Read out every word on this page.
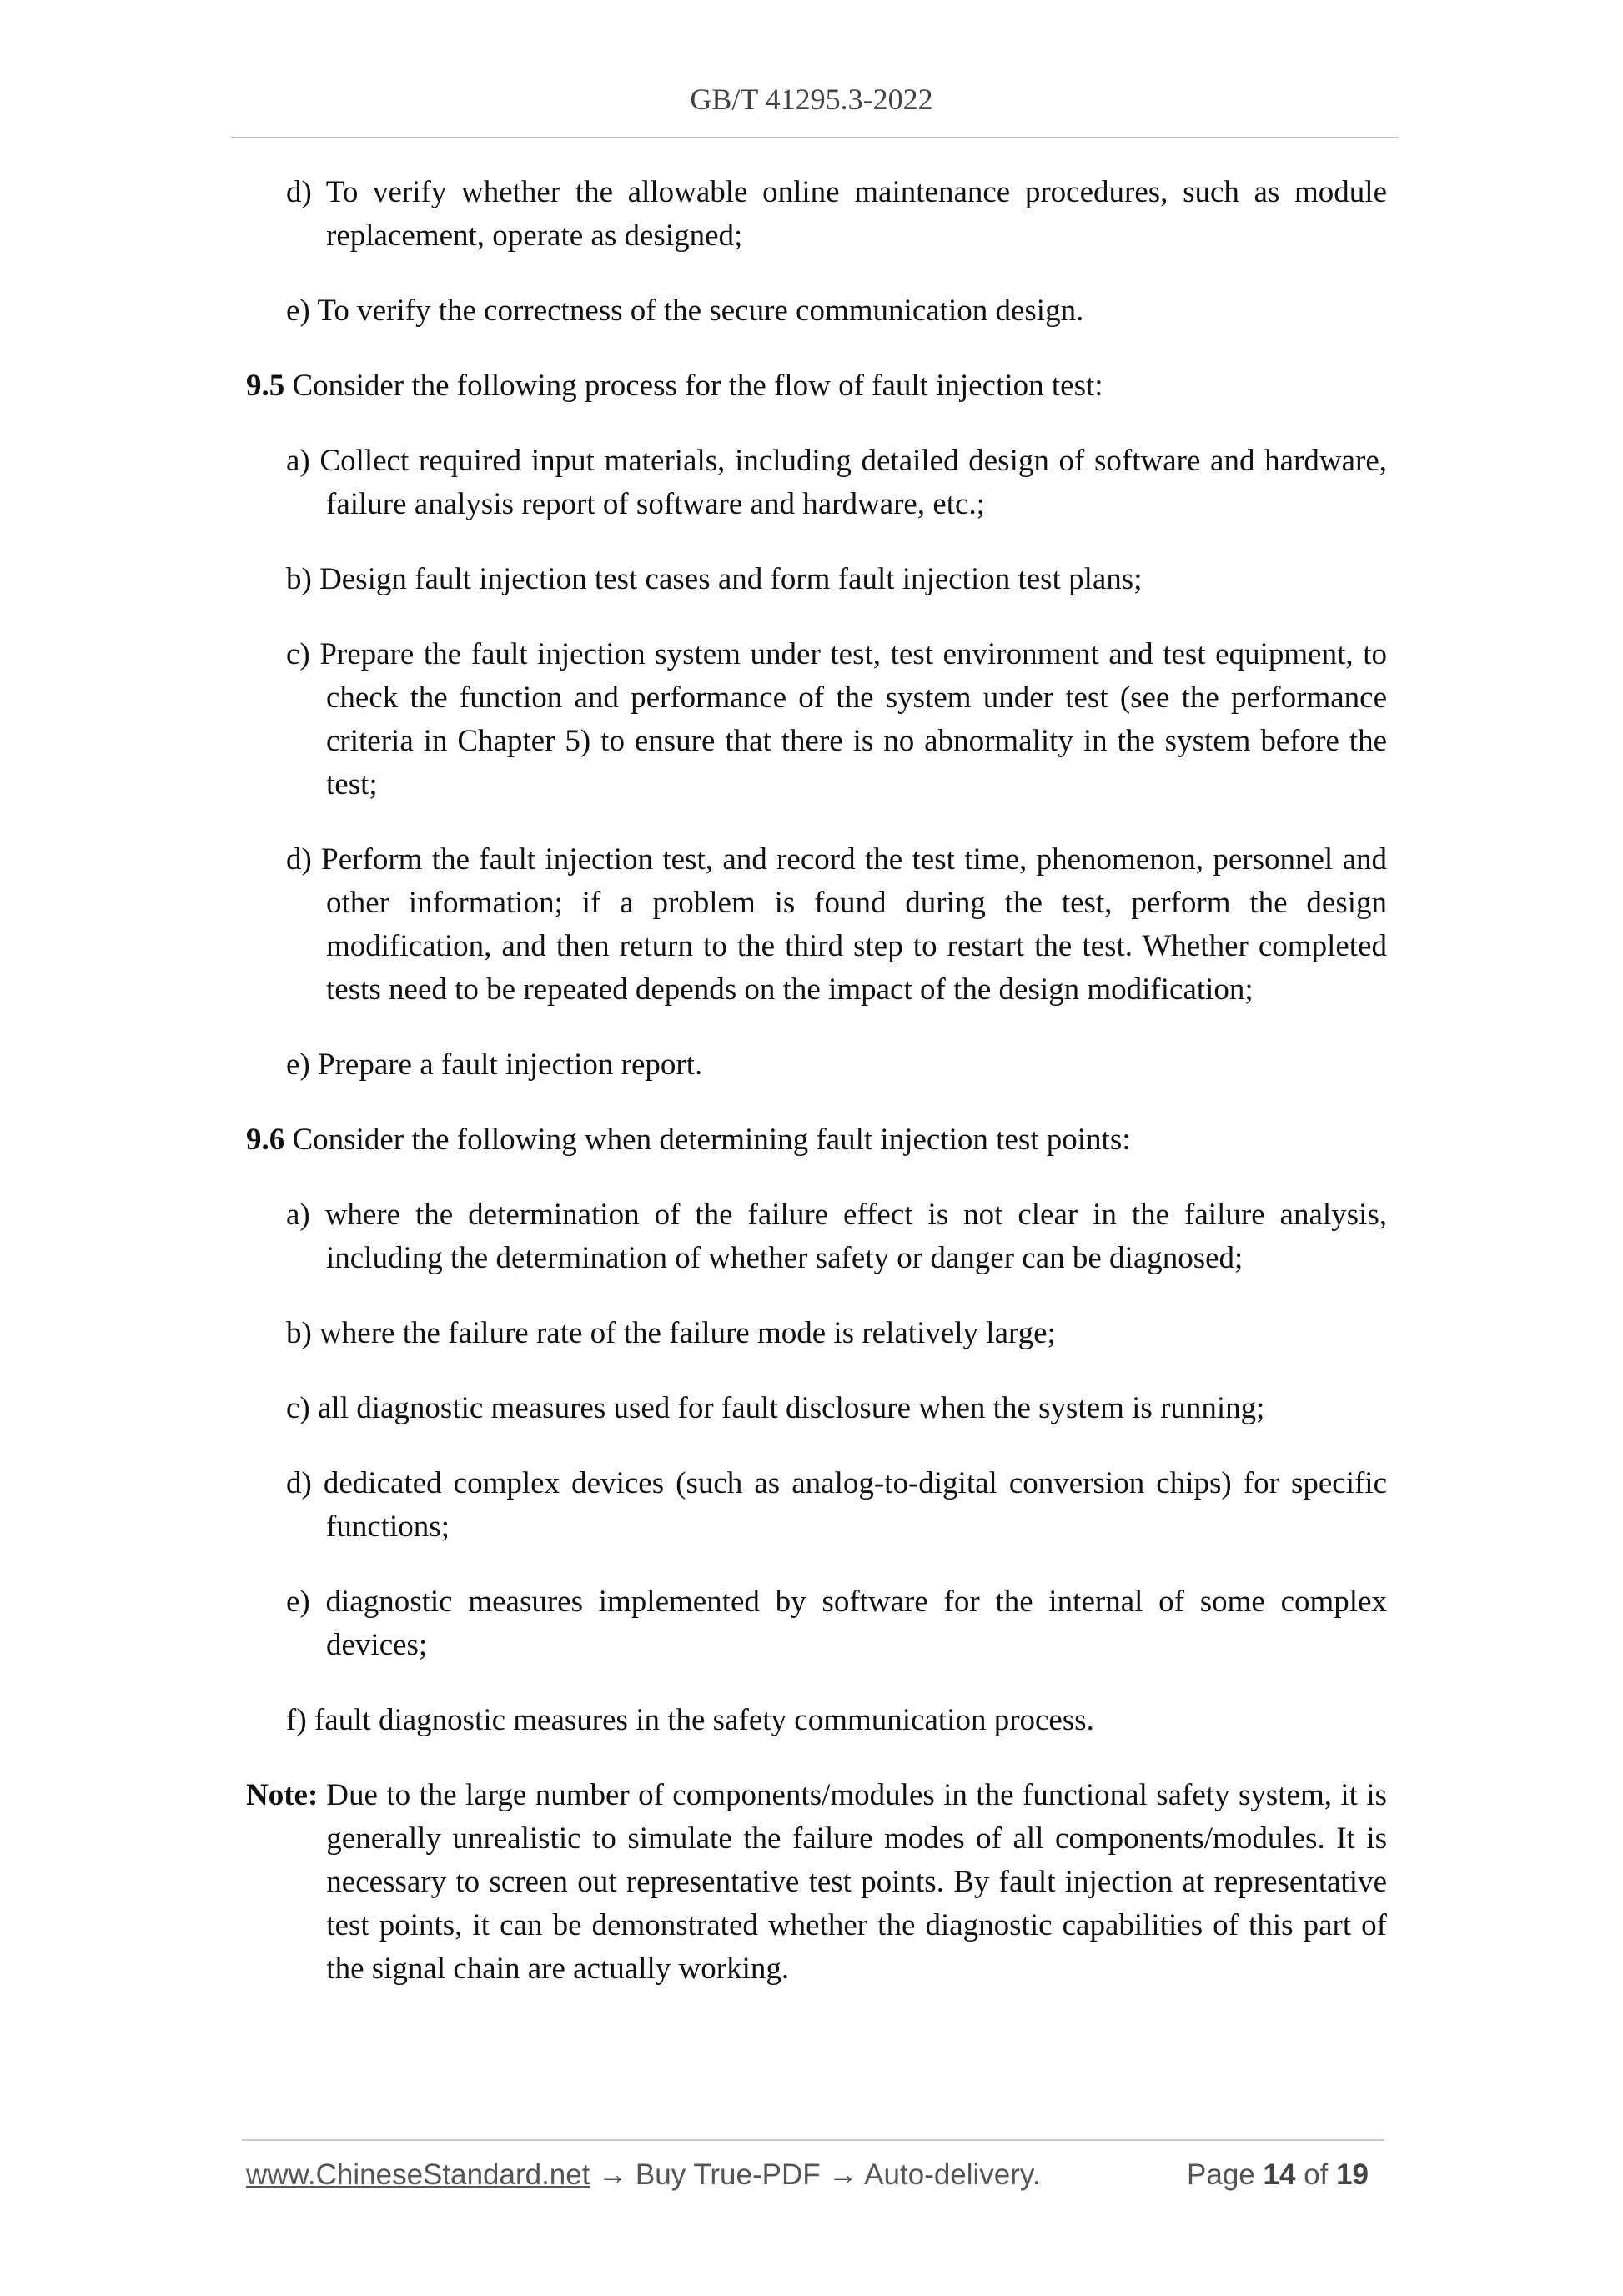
GB/T 41295.3-2022

d) To verify whether the allowable online maintenance procedures, such as module replacement, operate as designed;

e) To verify the correctness of the secure communication design.

9.5 Consider the following process for the flow of fault injection test:

a) Collect required input materials, including detailed design of software and hardware, failure analysis report of software and hardware, etc.;

b) Design fault injection test cases and form fault injection test plans;

c) Prepare the fault injection system under test, test environment and test equipment, to check the function and performance of the system under test (see the performance criteria in Chapter 5) to ensure that there is no abnormality in the system before the test;

d) Perform the fault injection test, and record the test time, phenomenon, personnel and other information; if a problem is found during the test, perform the design modification, and then return to the third step to restart the test. Whether completed tests need to be repeated depends on the impact of the design modification;

e) Prepare a fault injection report.

9.6 Consider the following when determining fault injection test points:

a) where the determination of the failure effect is not clear in the failure analysis, including the determination of whether safety or danger can be diagnosed;

b) where the failure rate of the failure mode is relatively large;

c) all diagnostic measures used for fault disclosure when the system is running;

d) dedicated complex devices (such as analog-to-digital conversion chips) for specific functions;

e) diagnostic measures implemented by software for the internal of some complex devices;

f) fault diagnostic measures in the safety communication process.

Note: Due to the large number of components/modules in the functional safety system, it is generally unrealistic to simulate the failure modes of all components/modules. It is necessary to screen out representative test points. By fault injection at representative test points, it can be demonstrated whether the diagnostic capabilities of this part of the signal chain are actually working.
www.ChineseStandard.net → Buy True-PDF → Auto-delivery.	Page 14 of 19
